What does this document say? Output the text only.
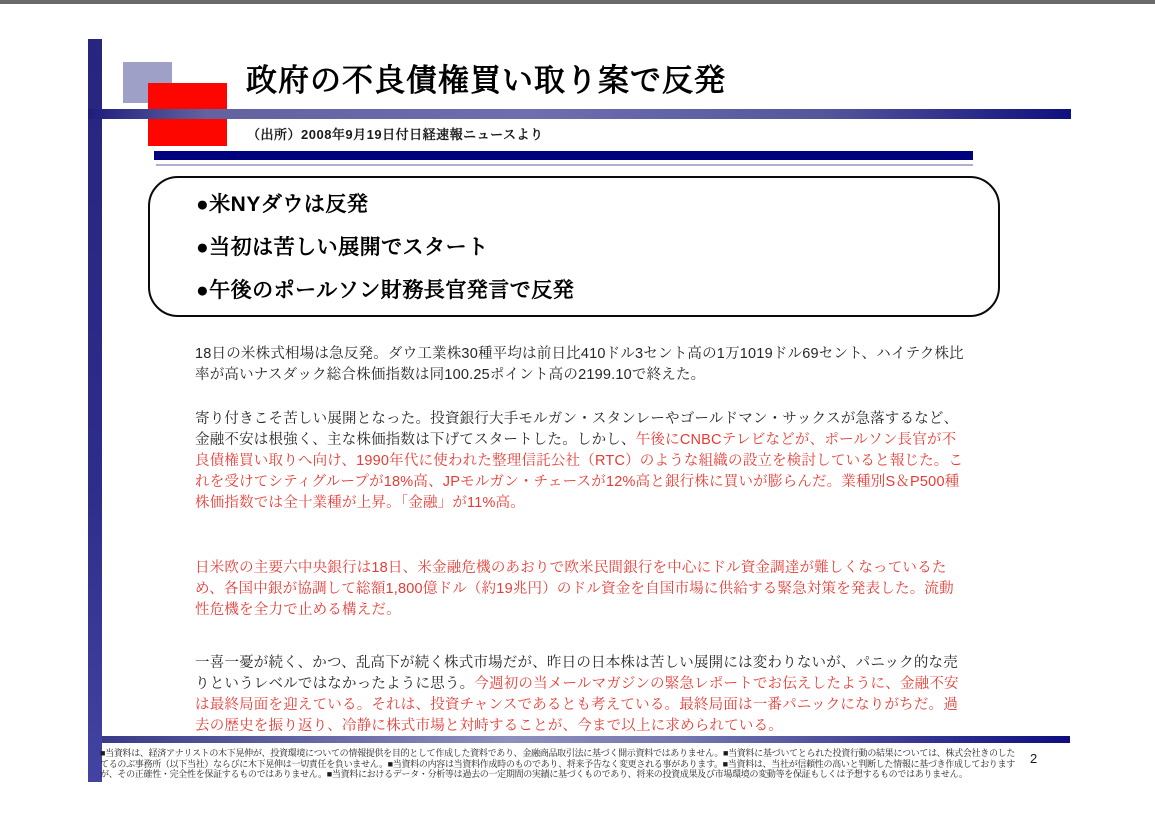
政府の不良債権買い取り案で反発
（出所）2008年9月19日付日経速報ニュースより
●米NYダウは反発
●当初は苦しい展開でスタート
●午後のポールソン財務長官発言で反発
18日の米株式相場は急反発。ダウ工業株30種平均は前日比410ドル3セント高の1万1019ドル69セント、ハイテク株比率が高いナスダック総合株価指数は同100.25ポイント高の2199.10で終えた。
寄り付きこそ苦しい展開となった。投資銀行大手モルガン・スタンレーやゴールドマン・サックスが急落するなど、金融不安は根強く、主な株価指数は下げてスタートした。しかし、午後にCNBCテレビなどが、ポールソン長官が不良債権買い取りへ向け、1990年代に使われた整理信託公社（RTC）のような組織の設立を検討していると報じた。これを受けてシティグループが18%高、JPモルガン・チェースが12%高と銀行株に買いが膨らんだ。業種別S＆P500種株価指数では全十業種が上昇。「金融」が11%高。
日米欧の主要六中央銀行は18日、米金融危機のあおりで欧米民間銀行を中心にドル資金調達が難しくなっているため、各国中銀が協調して総額1,800億ドル（約19兆円）のドル資金を自国市場に供給する緊急対策を発表した。流動性危機を全力で止める構えだ。
一喜一憂が続く、かつ、乱高下が続く株式市場だが、昨日の日本株は苦しい展開には変わりないが、パニック的な売りというレベルではなかったように思う。今週初の当メールマガジンの緊急レポートでお伝えしたように、金融不安は最終局面を迎えている。それは、投資チャンスであるとも考えている。最終局面は一番パニックになりがちだ。過去の歴史を振り返り、冷静に株式市場と対峙することが、今まで以上に求められている。
■当資料は、経済アナリストの木下晃伸が、投資環境についての情報提供を目的として作成した資料であり、金融商品取引法に基づく開示資料ではありません。■当資料に基づいてとられた投資行動の結果については、株式会社きのした
てるのぶ事務所（以下当社）ならびに木下晃伸は一切責任を負いません。■当資料の内容は当資料作成時のものであり、将来予告なく変更される事があります。■当資料は、当社が信頼性の高いと判断した情報に基づき作成しております
が、その正確性・完全性を保証するものではありません。■当資料におけるデータ・分析等は過去の一定期間の実績に基づくものであり、将来の投資成果及び市場環境の変動等を保証もしくは予想するものではありません。
2
